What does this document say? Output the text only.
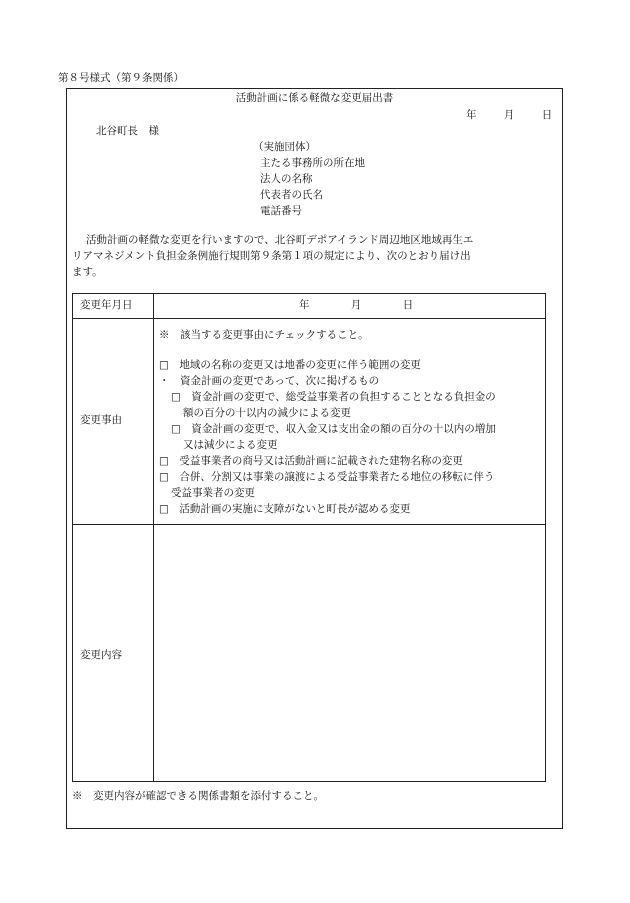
第８号様式（第９条関係）
活動計画に係る軽微な変更届出書
年	月	日
北谷町長　様
（実施団体）
主たる事務所の所在地
法人の名称
代表者の氏名
電話番号
活動計画の軽微な変更を行いますので、北谷町デポアイランド周辺地区地域再生エ
リアマネジメント負担金条例施行規則第９条第１項の規定により、次のとおり届け出
ます。
変更年月日	年	月	日
変更事由
※　該当する変更事由にチェックすること。
□　地域の名称の変更又は地番の変更に伴う範囲の変更
・　資金計画の変更であって、次に掲げるもの
□　資金計画の変更で、総受益事業者の負担することとなる負担金の
額の百分の十以内の減少による変更
□　資金計画の変更で、収入金又は支出金の額の百分の十以内の増加
又は減少による変更
□　受益事業者の商号又は活動計画に記載された建物名称の変更
□　合併、分割又は事業の譲渡による受益事業者たる地位の移転に伴う
受益事業者の変更
□　活動計画の実施に支障がないと町長が認める変更
変更内容
※　変更内容が確認できる関係書類を添付すること。
